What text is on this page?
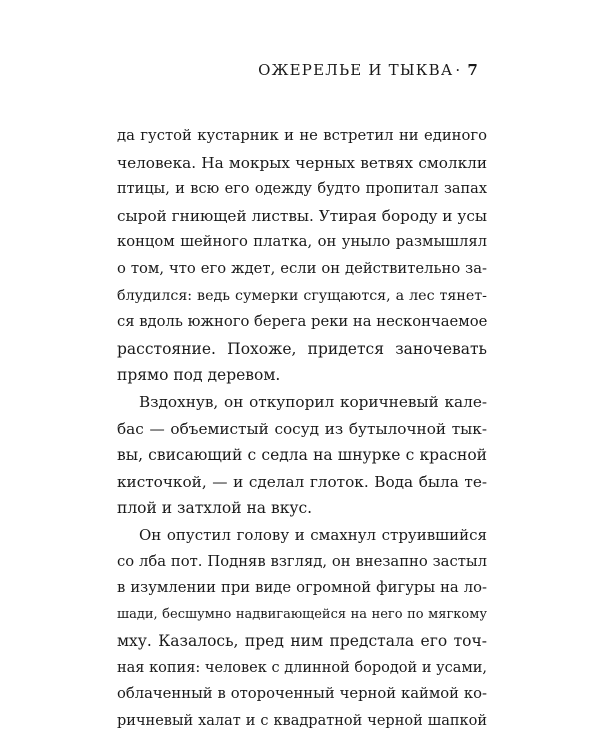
ОЖЕРЕЛЬЕ И ТЫКВА · 7
да густой кустарник и не встретил ни единого
человека. На мокрых черных ветвях смолкли
птицы, и всю его одежду будто пропитал запах
сырой гниющей листвы. Утирая бороду и усы
концом шейного платка, он уныло размышлял
о том, что его ждет, если он действительно за-
блудился: ведь сумерки сгущаются, а лес тянет-
ся вдоль южного берега реки на нескончаемое
расстояние. Похоже, придется заночевать
прямо под деревом.
Вздохнув, он откупорил коричневый кале-
бас — объемистый сосуд из бутылочной тык-
вы, свисающий с седла на шнурке с красной
кисточкой, — и сделал глоток. Вода была те-
плой и затхлой на вкус.
Он опустил голову и смахнул струившийся
со лба пот. Подняв взгляд, он внезапно застыл
в изумлении при виде огромной фигуры на ло-
шади, бесшумно надвигающейся на него по мягкому
мху. Казалось, пред ним предстала его точ-
ная копия: человек с длинной бородой и усами,
облаченный в отороченный черной каймой ко-
ричневый халат и с квадратной черной шапкой
